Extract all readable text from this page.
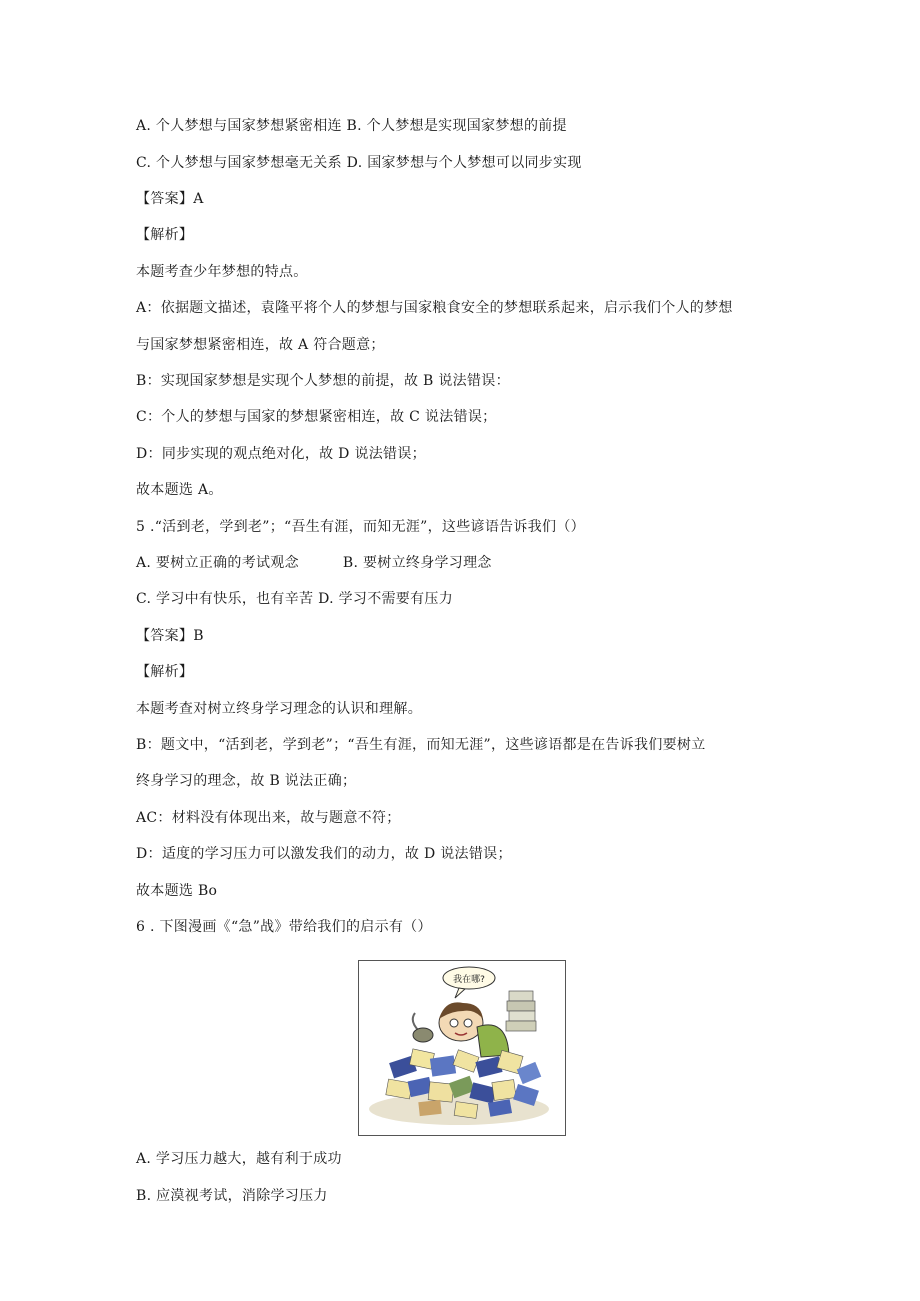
A. 个人梦想与国家梦想紧密相连 B. 个人梦想是实现国家梦想的前提
C. 个人梦想与国家梦想毫无关系 D. 国家梦想与个人梦想可以同步实现
【答案】A
【解析】
本题考查少年梦想的特点。
A：依据题文描述，袁隆平将个人的梦想与国家粮食安全的梦想联系起来，启示我们个人的梦想
与国家梦想紧密相连，故 A 符合题意；
B：实现国家梦想是实现个人梦想的前提，故 B 说法错误：
C：个人的梦想与国家的梦想紧密相连，故 C 说法错误；
D：同步实现的观点绝对化，故 D 说法错误；
故本题选 A。
5 .“活到老，学到老”；“吾生有涯，而知无涯”，这些谚语告诉我们（）
A. 要树立正确的考试观念	B. 要树立终身学习理念
C. 学习中有快乐，也有辛苦 D. 学习不需要有压力
【答案】B
【解析】
本题考查对树立终身学习理念的认识和理解。
B：题文中，“活到老，学到老”；“吾生有涯，而知无涯”，这些谚语都是在告诉我们要树立
终身学习的理念，故 B 说法正确；
AC：材料没有体现出来，故与题意不符；
D：适度的学习压力可以激发我们的动力，故 D 说法错误；
故本题选 Bo
6 . 下图漫画《“急”战》带给我们的启示有（）
我在哪?
A. 学习压力越大，越有利于成功
B. 应漠视考试，消除学习压力
